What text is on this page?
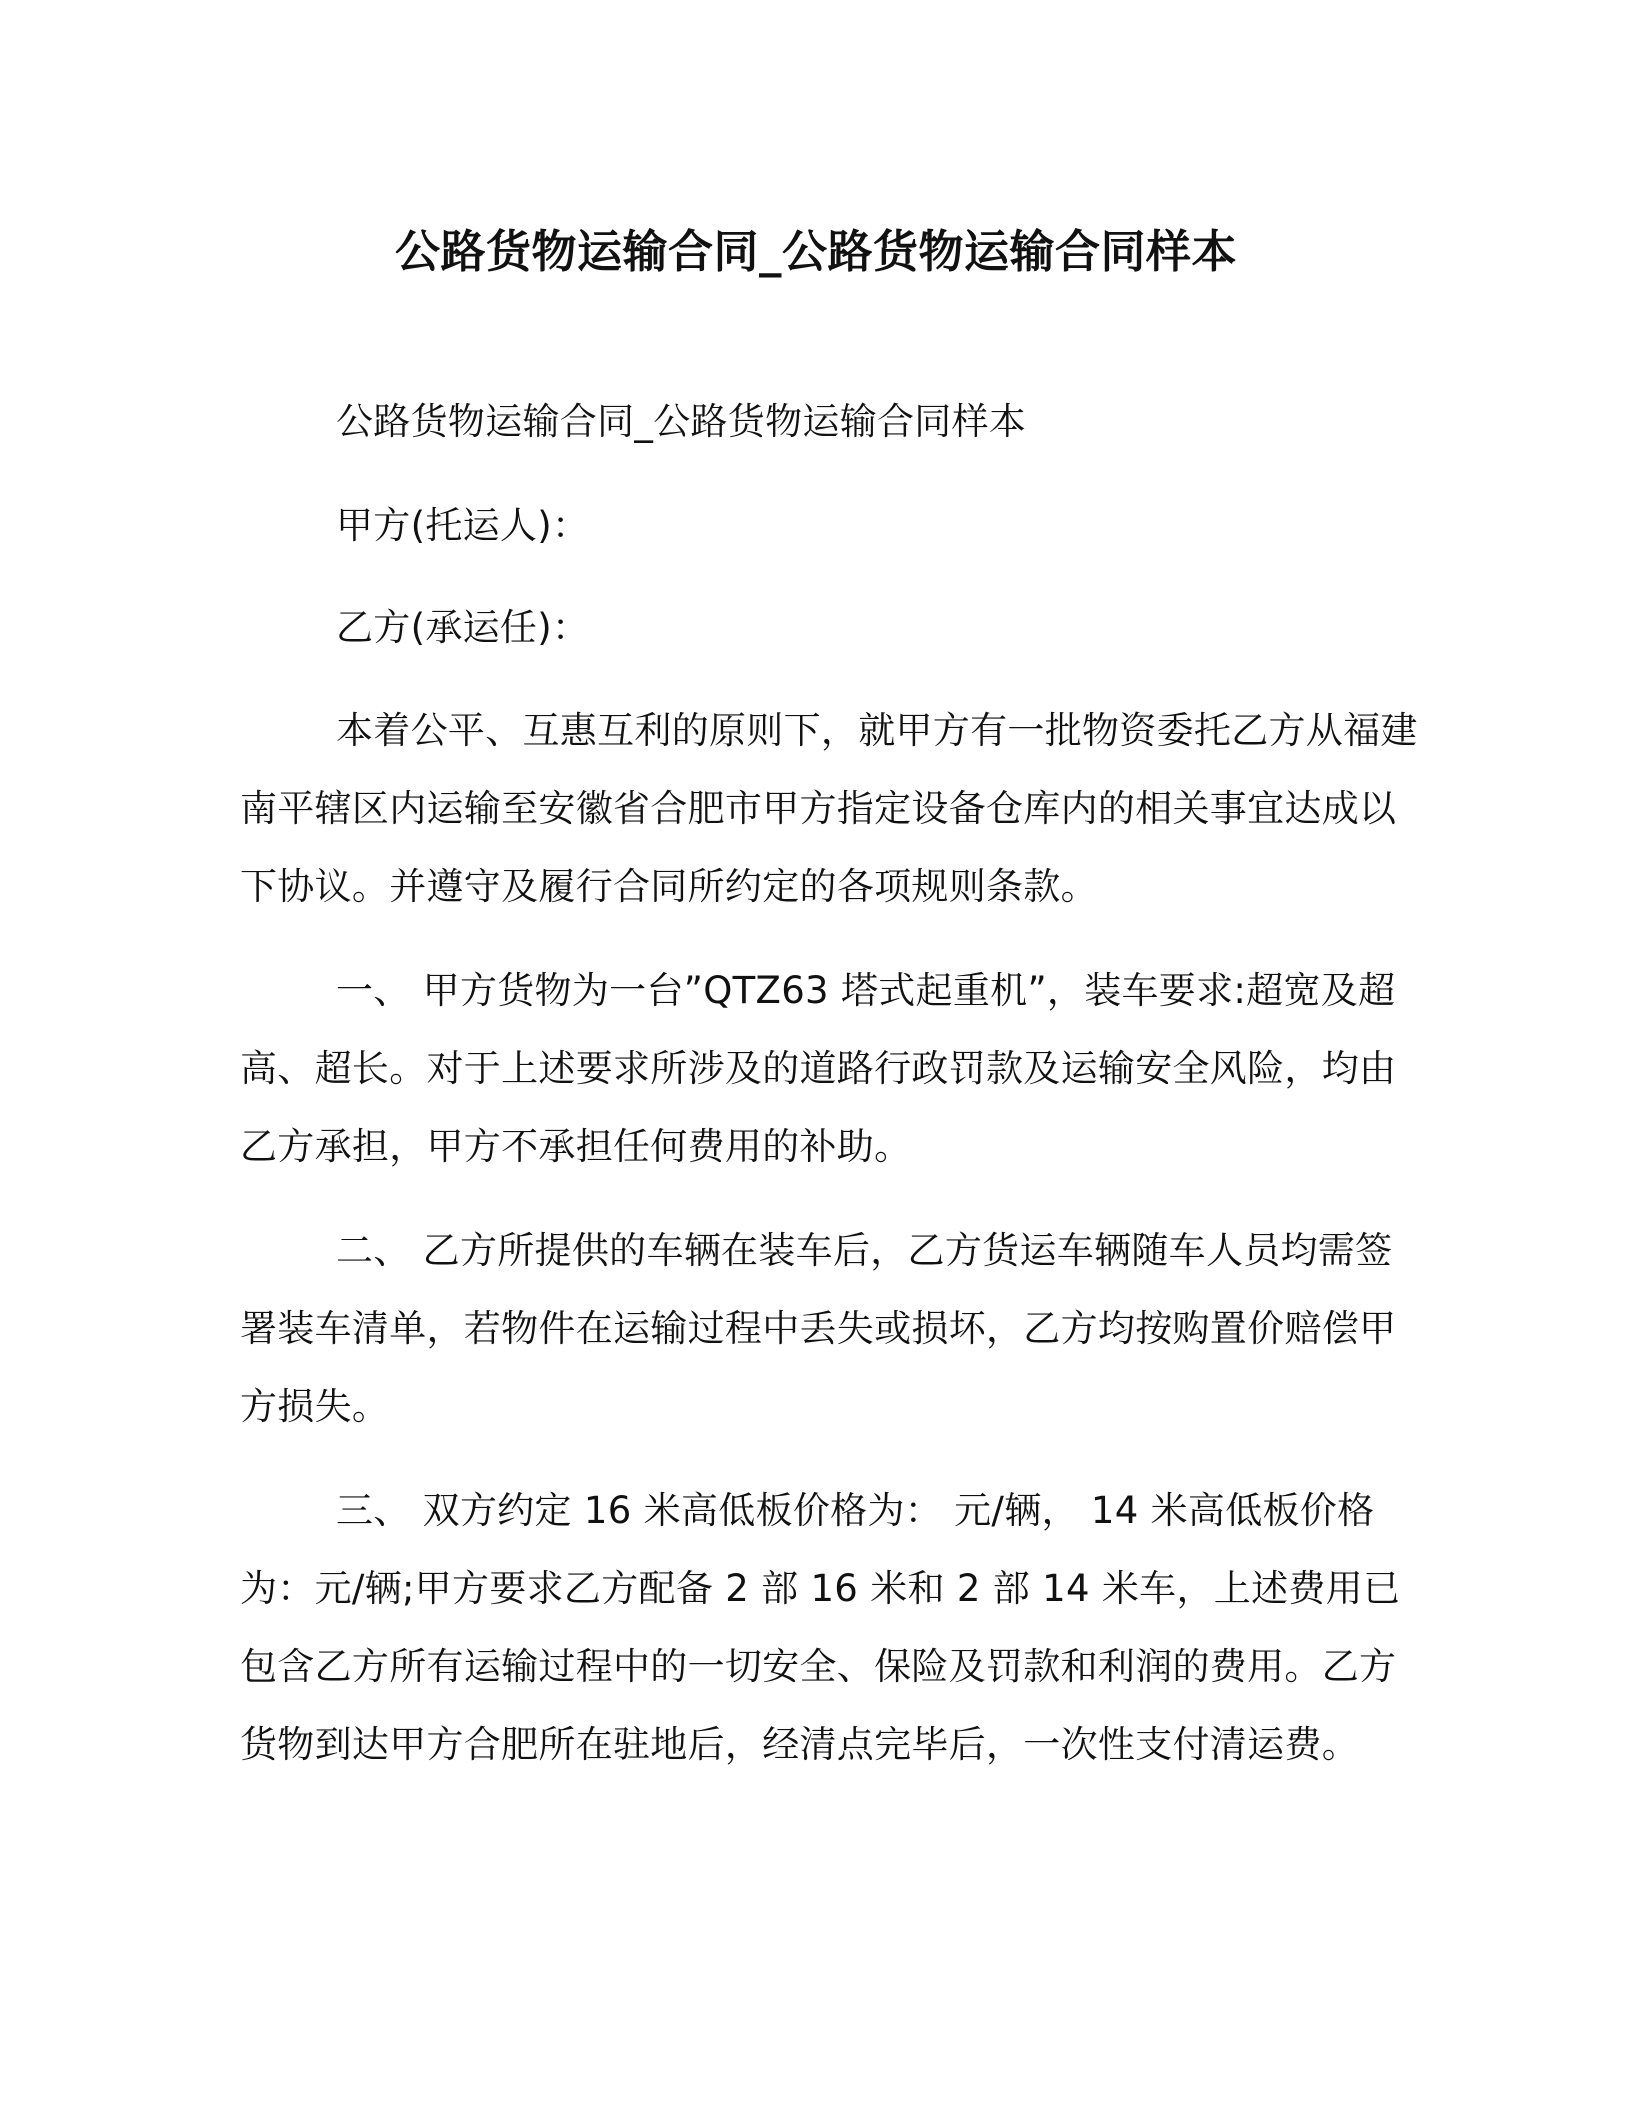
公路货物运输合同_公路货物运输合同样本

公路货物运输合同_公路货物运输合同样本

甲方(托运人)：

乙方(承运任)：

本着公平、互惠互利的原则下，就甲方有一批物资委托乙方从福建南平辖区内运输至安徽省合肥市甲方指定设备仓库内的相关事宜达成以下协议。并遵守及履行合同所约定的各项规则条款。

一、 甲方货物为一台”QTZ63 塔式起重机”，装车要求:超宽及超高、超长。对于上述要求所涉及的道路行政罚款及运输安全风险，均由乙方承担，甲方不承担任何费用的补助。

二、 乙方所提供的车辆在装车后，乙方货运车辆随车人员均需签署装车清单，若物件在运输过程中丢失或损坏，乙方均按购置价赔偿甲方损失。

三、 双方约定 16 米高低板价格为： 元/辆， 14 米高低板价格为：元/辆;甲方要求乙方配备 2 部 16 米和 2 部 14 米车，上述费用已包含乙方所有运输过程中的一切安全、保险及罚款和利润的费用。乙方货物到达甲方合肥所在驻地后，经清点完毕后，一次性支付清运费。
